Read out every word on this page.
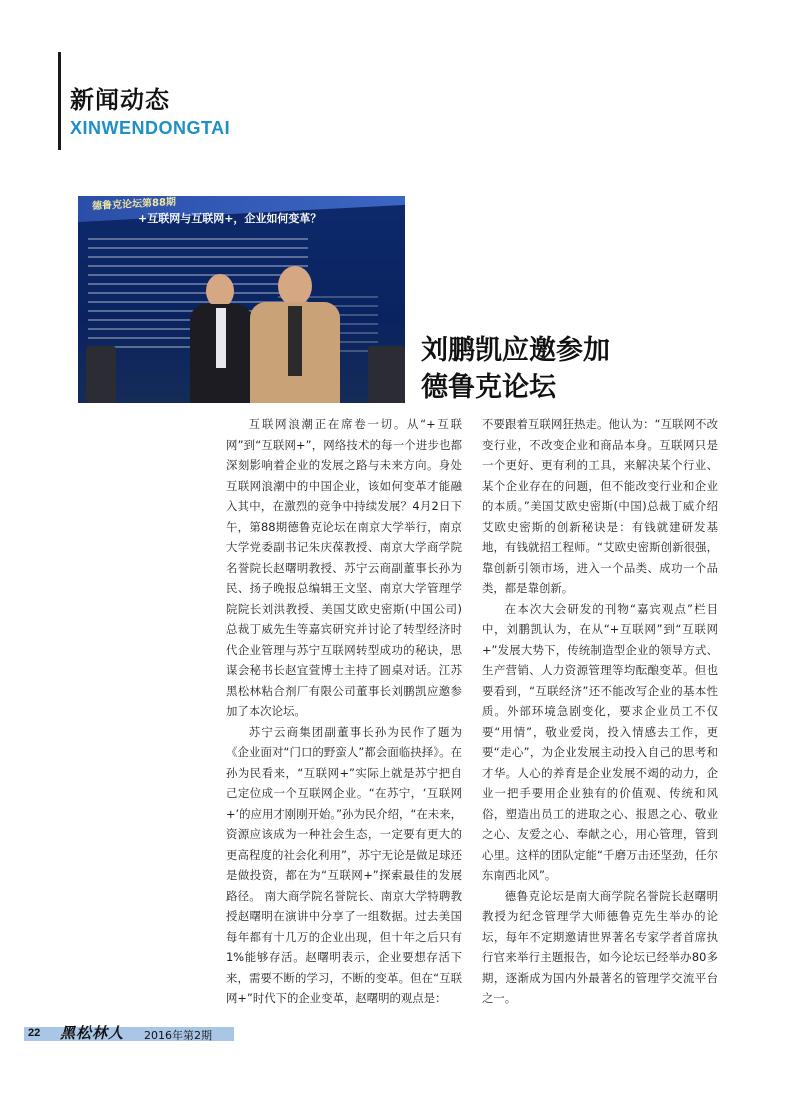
新闻动态
XINWENDONGTAI
德鲁克论坛第88期
+互联网与互联网+，企业如何变革？
刘鹏凯应邀参加
德鲁克论坛

互联网浪潮正在席卷一切。从“+互联网”到“互联网+”，网络技术的每一个进步也都深刻影响着企业的发展之路与未来方向。身处互联网浪潮中的中国企业，该如何变革才能融入其中，在激烈的竞争中持续发展？4月2日下午，第88期德鲁克论坛在南京大学举行，南京大学党委副书记朱庆葆教授、南京大学商学院名誉院长赵曙明教授、苏宁云商副董事长孙为民、扬子晚报总编辑王文坚、南京大学管理学院院长刘洪教授、美国艾欧史密斯(中国公司)总裁丁威先生等嘉宾研究并讨论了转型经济时代企业管理与苏宁互联网转型成功的秘诀，思谋会秘书长赵宜萱博士主持了圆桌对话。江苏黑松林粘合剂厂有限公司董事长刘鹏凯应邀参加了本次论坛。

苏宁云商集团副董事长孙为民作了题为《企业面对“门口的野蛮人”都会面临抉择》。在孙为民看来，“互联网+”实际上就是苏宁把自己定位成一个互联网企业。“在苏宁，‘互联网+’的应用才刚刚开始。”孙为民介绍，“在未来，资源应该成为一种社会生态，一定要有更大的更高程度的社会化利用”，苏宁无论是做足球还是做投资，都在为“互联网+”探索最佳的发展路径。 南大商学院名誉院长、南京大学特聘教授赵曙明在演讲中分享了一组数据。过去美国每年都有十几万的企业出现，但十年之后只有1%能够存活。赵曙明表示，企业要想存活下来，需要不断的学习，不断的变革。但在“互联网+”时代下的企业变革，赵曙明的观点是：

不要跟着互联网狂热走。他认为：“互联网不改变行业，不改变企业和商品本身。互联网只是一个更好、更有利的工具，来解决某个行业、某个企业存在的问题，但不能改变行业和企业的本质。”美国艾欧史密斯(中国)总裁丁威介绍艾欧史密斯的创新秘诀是：有钱就建研发基地，有钱就招工程师。“艾欧史密斯创新很强，靠创新引领市场，进入一个品类、成功一个品类，都是靠创新。

在本次大会研发的刊物“嘉宾观点”栏目中，刘鹏凯认为，在从“+互联网”到“互联网+”发展大势下，传统制造型企业的领导方式、生产营销、人力资源管理等均酝酿变革。但也要看到，“互联经济”还不能改写企业的基本性质。外部环境急剧变化，要求企业员工不仅要“用情”，敬业爱岗，投入情感去工作，更要“走心”，为企业发展主动投入自己的思考和才华。人心的养育是企业发展不竭的动力，企业一把手要用企业独有的价值观、传统和风俗，塑造出员工的进取之心、报恩之心、敬业之心、友爱之心、奉献之心，用心管理，管到心里。这样的团队定能“千磨万击还坚劲，任尔东南西北风”。

德鲁克论坛是南大商学院名誉院长赵曙明教授为纪念管理学大师德鲁克先生举办的论坛，每年不定期邀请世界著名专家学者首席执行官来举行主题报告，如今论坛已经举办80多期，逐渐成为国内外最著名的管理学交流平台之一。

22 黑松林人 2016年第2期
